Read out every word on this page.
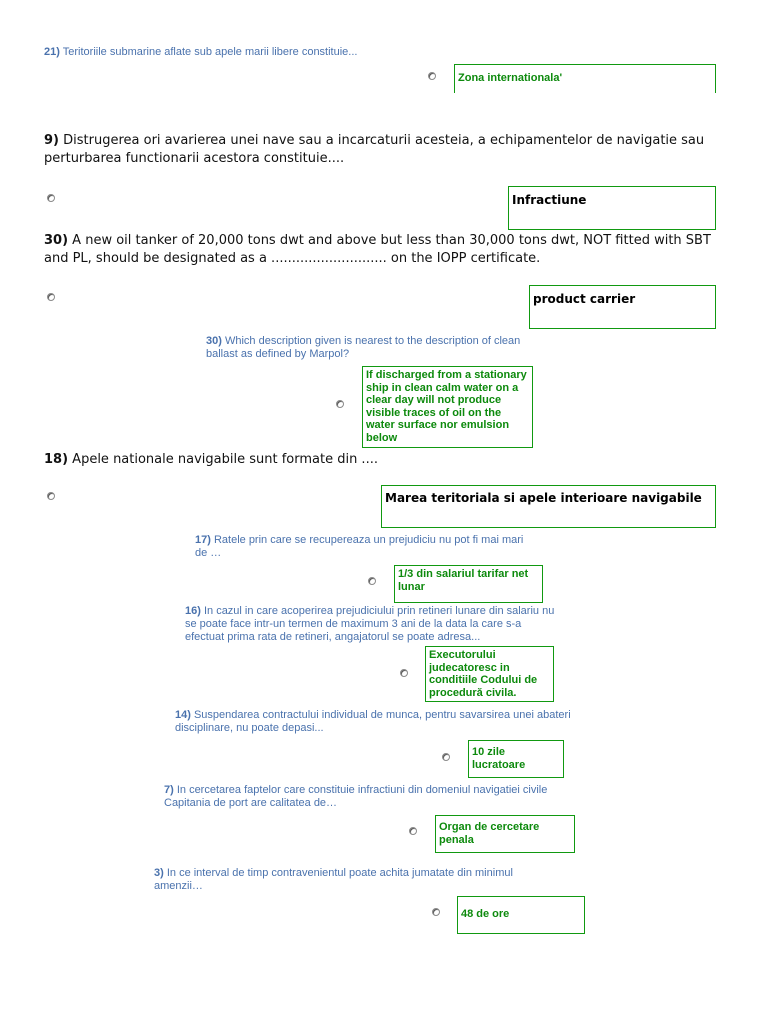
21) Teritoriile submarine aflate sub apele marii libere constituie...

Zona internationala'

9) Distrugerea ori avarierea unei nave sau a incarcaturii acesteia, a echipamentelor de navigatie sau perturbarea functionarii acestora constituie....

Infractiune

30) A new oil tanker of 20,000 tons dwt and above but less than 30,000 tons dwt, NOT fitted with SBT and PL, should be designated as a ............................ on the IOPP certificate.

product carrier

30) Which description given is nearest to the description of clean ballast as defined by Marpol?

If discharged from a stationary ship in clean calm water on a clear day will not produce visible traces of oil on the water surface nor emulsion below

18) Apele nationale navigabile sunt formate din ....

Marea teritoriala si apele interioare navigabile

17) Ratele prin care se recupereaza un prejudiciu nu pot fi mai mari de …

1/3 din salariul tarifar net lunar

16) In cazul in care acoperirea prejudiciului prin retineri lunare din salariu nu se poate face intr-un termen de maximum 3 ani de la data la care s-a efectuat prima rata de retineri, angajatorul se poate adresa...

Executorului judecatoresc in conditiile Codului de procedură civila.

14) Suspendarea contractului individual de munca, pentru savarsirea unei abateri disciplinare, nu poate depasi...

10 zile lucratoare

7) In cercetarea faptelor care constituie infractiuni din domeniul navigatiei civile Capitania de port are calitatea de…

Organ de cercetare penala

3) In ce interval de timp contravenientul poate achita jumatate din minimul amenzii…

48 de ore
